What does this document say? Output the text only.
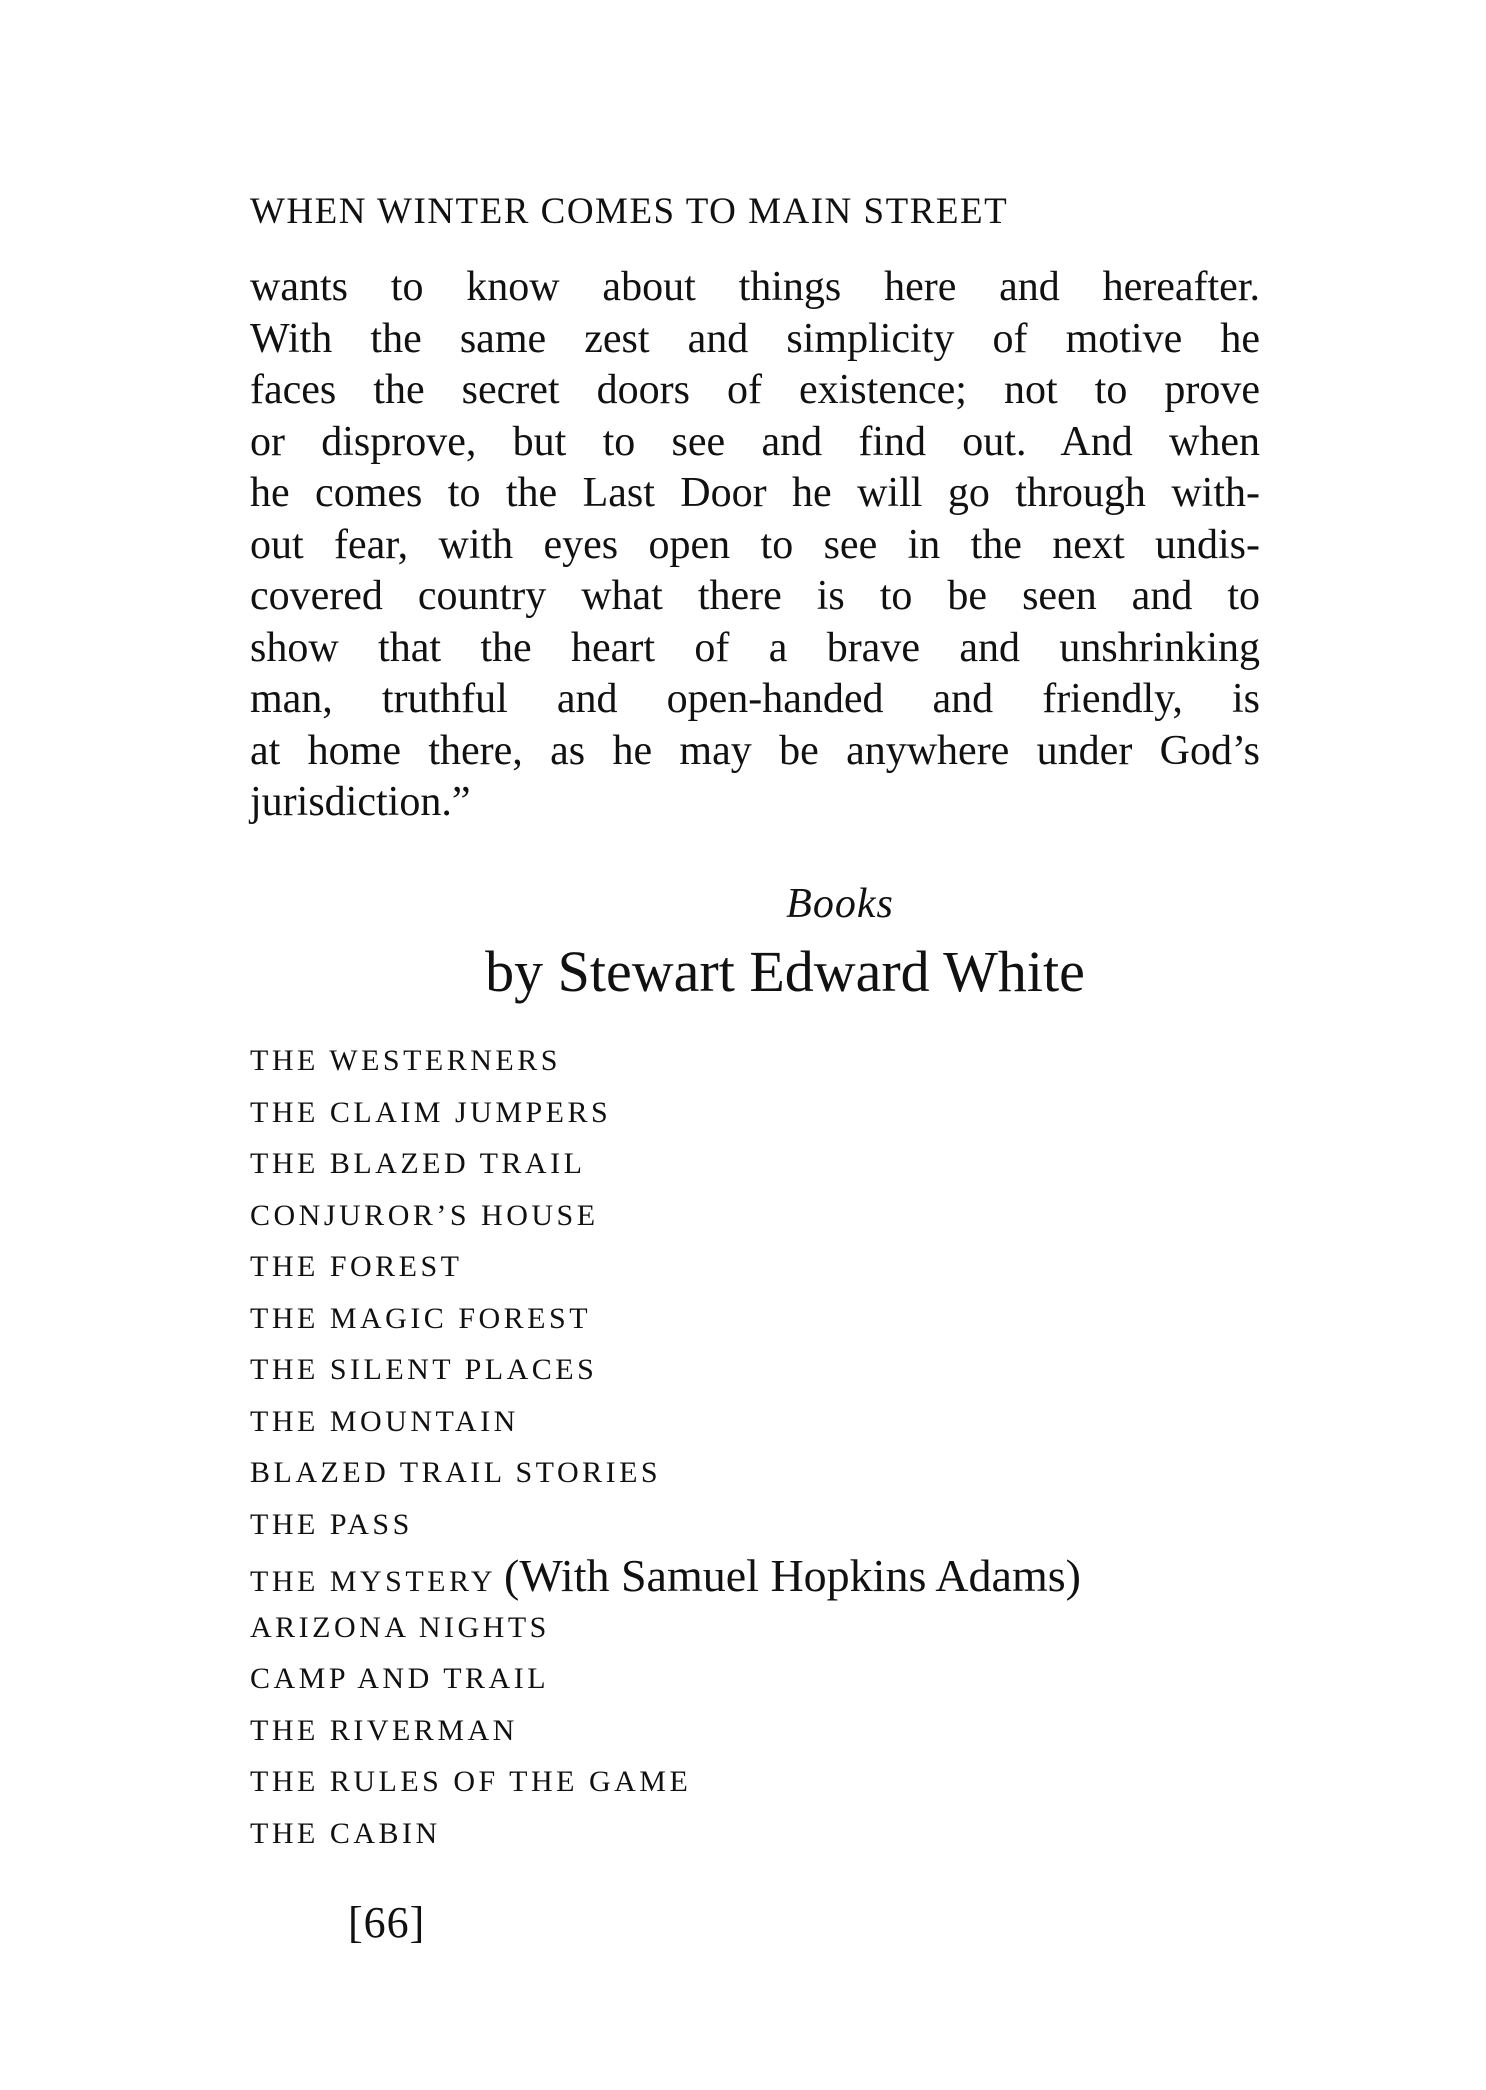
WHEN WINTER COMES TO MAIN STREET
wants to know about things here and hereafter.
With the same zest and simplicity of motive he
faces the secret doors of existence; not to prove
or disprove, but to see and find out. And when
he comes to the Last Door he will go through with-
out fear, with eyes open to see in the next undis-
covered country what there is to be seen and to
show that the heart of a brave and unshrinking
man, truthful and open-handed and friendly, is
at home there, as he may be anywhere under God’s
jurisdiction.”
Books
by Stewart Edward White
THE WESTERNERS
THE CLAIM JUMPERS
THE BLAZED TRAIL
CONJUROR’S HOUSE
THE FOREST
THE MAGIC FOREST
THE SILENT PLACES
THE MOUNTAIN
BLAZED TRAIL STORIES
THE PASS
THE MYSTERY (With Samuel Hopkins Adams)
ARIZONA NIGHTS
CAMP AND TRAIL
THE RIVERMAN
THE RULES OF THE GAME
THE CABIN
[66]
